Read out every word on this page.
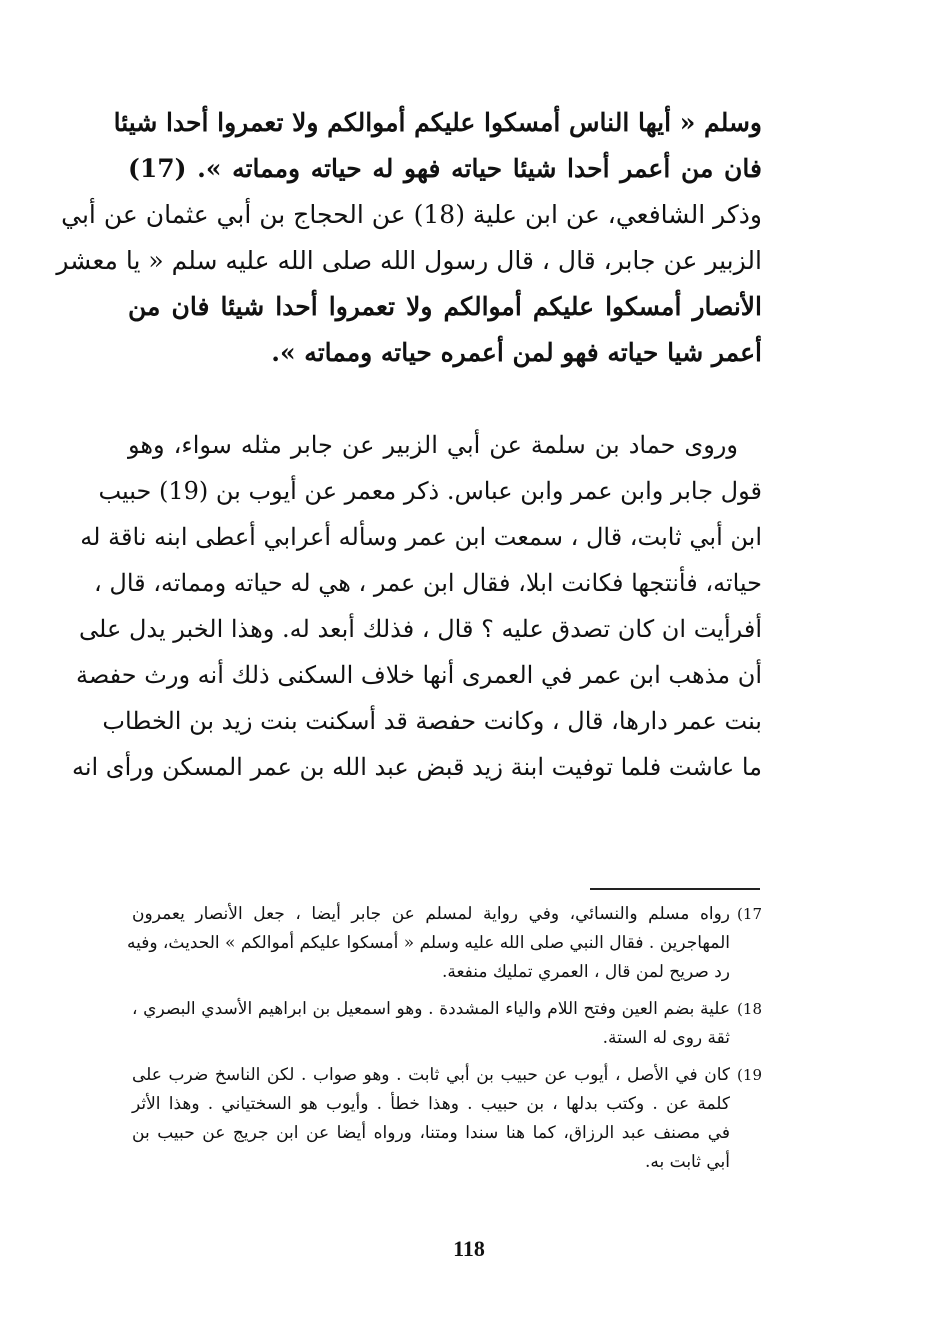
وسلم « أيها الناس أمسكوا عليكم أموالكم ولا تعمروا أحدا شيئا
فان من أعمر أحدا شيئا حياته فهو له حياته ومماته ». (17)
وذكر الشافعي، عن ابن علية (18) عن الحجاج بن أبي عثمان عن أبي
الزبير عن جابر، قال ، قال رسول الله صلى الله عليه سلم « يا معشر
الأنصار أمسكوا عليكم أموالكم ولا تعمروا أحدا شيئا فان من
أعمر شيا حياته فهو لمن أعمره حياته ومماته ».
وروى حماد بن سلمة عن أبي الزبير عن جابر مثله سواء، وهو
قول جابر وابن عمر وابن عباس. ذكر معمر عن أيوب بن (19) حبيب
ابن أبي ثابت، قال ، سمعت ابن عمر وسأله أعرابي أعطى ابنه ناقة له
حياته، فأنتجها فكانت ابلا، فقال ابن عمر ، هي له حياته ومماته، قال ،
أفرأيت ان كان تصدق عليه ؟ قال ، فذلك أبعد له. وهذا الخبر يدل على
أن مذهب ابن عمر في العمرى أنها خلاف السكنى ذلك أنه ورث حفصة
بنت عمر دارها، قال ، وكانت حفصة قد أسكنت بنت زيد بن الخطاب
ما عاشت فلما توفيت ابنة زيد قبض عبد الله بن عمر المسكن ورأى انه
(17
رواه مسلم والنسائي، وفي رواية لمسلم عن جابر أيضا ، جعل الأنصار يعمرون
المهاجرين . فقال النبي صلى الله عليه وسلم « أمسكوا عليكم أموالكم » الحديث، وفيه
رد صريح لمن قال ، العمري تمليك منفعة.
(18
علية بضم العين وفتح اللام والياء المشددة . وهو اسمعيل بن ابراهيم الأسدي البصري ،
ثقة روى له الستة.
(19
كان في الأصل ، أيوب عن حبيب بن أبي ثابت . وهو صواب . لكن الناسخ ضرب على
كلمة عن . وكتب بدلها ، بن حبيب . وهذا خطأ . وأيوب هو السختياني . وهذا الأثر
في مصنف عبد الرزاق، كما هنا سندا ومتنا، ورواه أيضا عن ابن جريج عن حبيب بن
أبي ثابت به.
118
